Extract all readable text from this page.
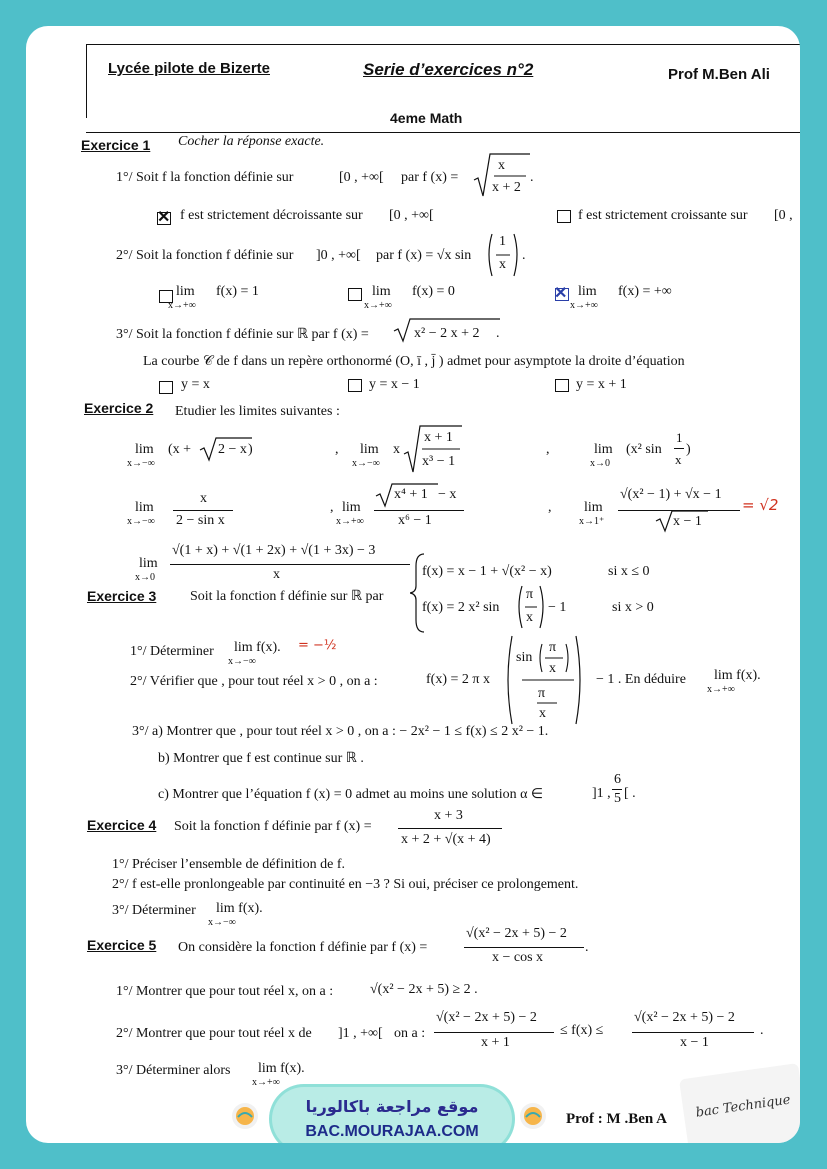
Lycée pilote de Bizerte	Serie d’exercices n°2	Prof M.Ben Ali
4eme Math
Exercice 1 Cocher la réponse exacte.
1°/ Soit f la fonction définie sur	[0 , +∞[ par f (x) =
x
x + 2
.
✕ f est strictement décroissante sur [0 , +∞[	f est strictement croissante sur [0 ,
2°/ Soit la fonction f définie sur ]0 , +∞[ par f (x) = √x sin
1
x
.
lim
x→+∞
f(x) = 1	lim
x→+∞
f(x) = 0	✕ lim
x→+∞
f(x) = +∞
3°/ Soit la fonction f définie sur ℝ par f (x) =	x² − 2 x + 2 .
La courbe 𝒞 de f dans un repère orthonormé (O, ī , j̄ ) admet pour asymptote la droite d’équation
y = x	y = x − 1	y = x + 1
Exercice 2 Etudier les limites suivantes :
lim
x→−∞
(x + 2 − x )	, lim
x→−∞
x
x + 1
x³ − 1
,	lim
x→0
(x² sin
1
x
)
lim
x→−∞
x
2 − sin x
, lim
x→+∞
x⁴ + 1 − x
x⁶ − 1
, lim
x→1⁺
√(x² − 1) + √x − 1
x − 1
= √2
lim
x→0
√(1 + x) + √(1 + 2x) + √(1 + 3x) − 3
x
Exercice 3 Soit la fonction f définie sur ℝ par
f(x) = x − 1 + √(x² − x)	si x ≤ 0
f(x) = 2 x² sin
π
x
− 1	si x > 0
1°/ Déterminer lim f(x).
x→−∞
= −½
2°/ Vérifier que , pour tout réel x > 0 , on a :	f(x) = 2 π x
sin
π
x
π
x
− 1 . En déduire lim f(x).
x→+∞
3°/ a) Montrer que , pour tout réel x > 0 , on a : − 2x² − 1 ≤ f(x) ≤ 2 x² − 1.
b) Montrer que f est continue sur ℝ .
c) Montrer que l’équation f (x) = 0 admet au moins une solution α ∈	]1 ,
6
5 [ .
Exercice 4 Soit la fonction f définie par f (x) =
x + 3
x + 2 + √(x + 4)
1°/ Préciser l’ensemble de définition de f.
2°/ f est-elle pronlongeable par continuité en −3 ? Si oui, préciser ce prolongement.
3°/ Déterminer lim f(x).
x→−∞
Exercice 5 On considère la fonction f définie par f (x) =
√(x² − 2x + 5) − 2
x − cos x
.
1°/ Montrer que pour tout réel x, on a :	√(x² − 2x + 5) ≥ 2 .
2°/ Montrer que pour tout réel x de ]1 , +∞[ on a :
√(x² − 2x + 5) − 2
x + 1
≤ f(x) ≤
√(x² − 2x + 5) − 2
x − 1
.
3°/ Déterminer alors lim f(x).
x→+∞
موقع مراجعة باكالوريا
BAC.MOURAJAA.COM
Prof : M .Ben A bac Technique
